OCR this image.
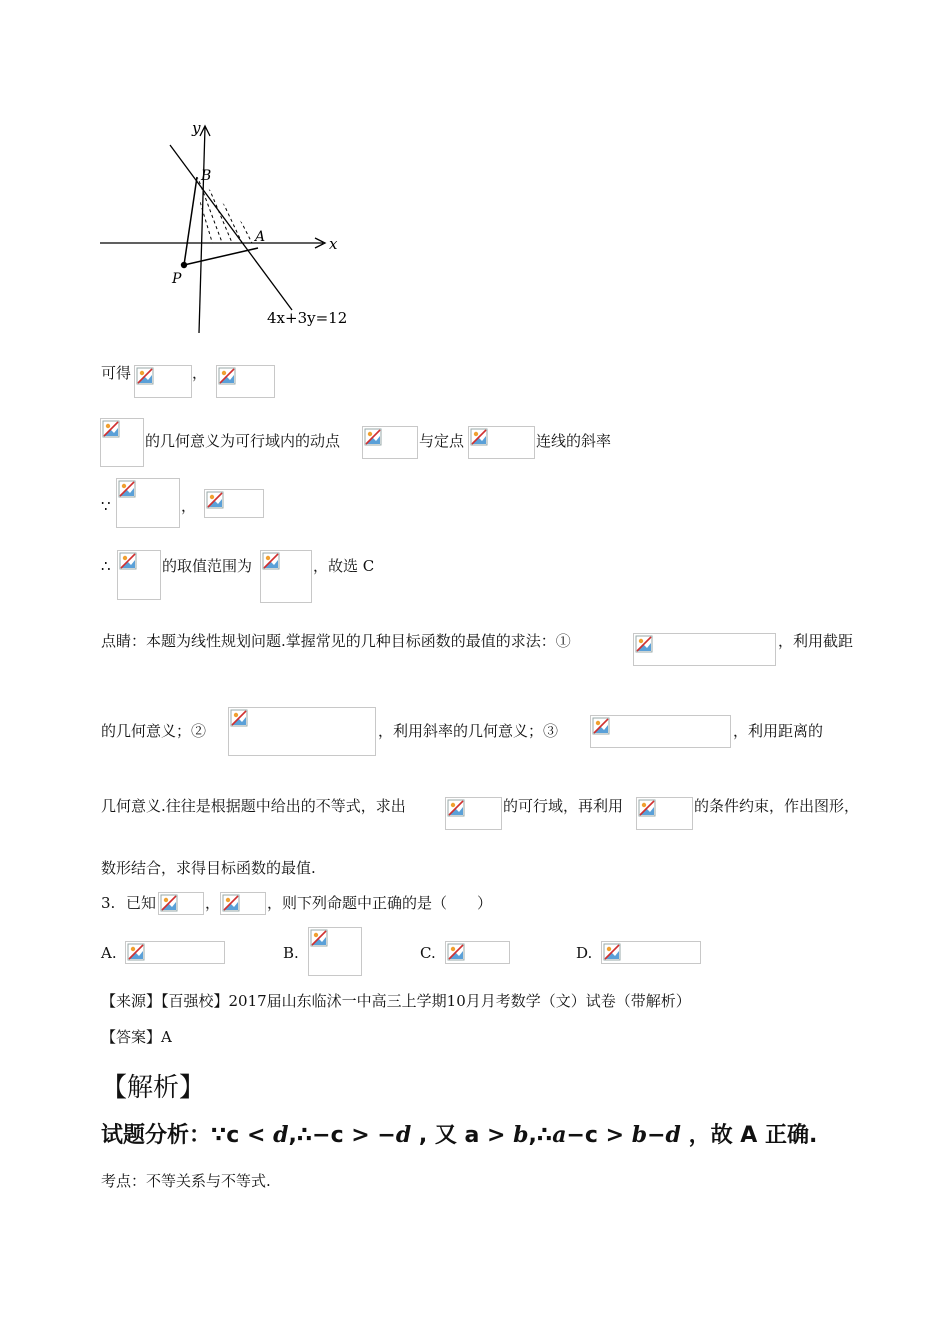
y
x
B
A
P
4x+3y=12
可得	，
的几何意义为可行域内的动点	与定点	连线的斜率
∵	，
∴	的取值范围为	，故选 C
点睛：本题为线性规划问题.掌握常见的几种目标函数的最值的求法：①	，利用截距
的几何意义；②	，利用斜率的几何意义；③	，利用距离的
几何意义.往往是根据题中给出的不等式，求出	的可行域，再利用	的条件约束，作出图形，
数形结合，求得目标函数的最值.
3. 已知	，	，则下列命题中正确的是（　　）
A.	B.	C.	D.
【来源】【百强校】2017届山东临沭一中高三上学期10月月考数学（文）试卷（带解析）
【答案】A
【解析】
试题分析：∵c < d,∴−c > −d , 又 a > b,∴a−c > b−d ，故 A 正确.
考点：不等关系与不等式.
